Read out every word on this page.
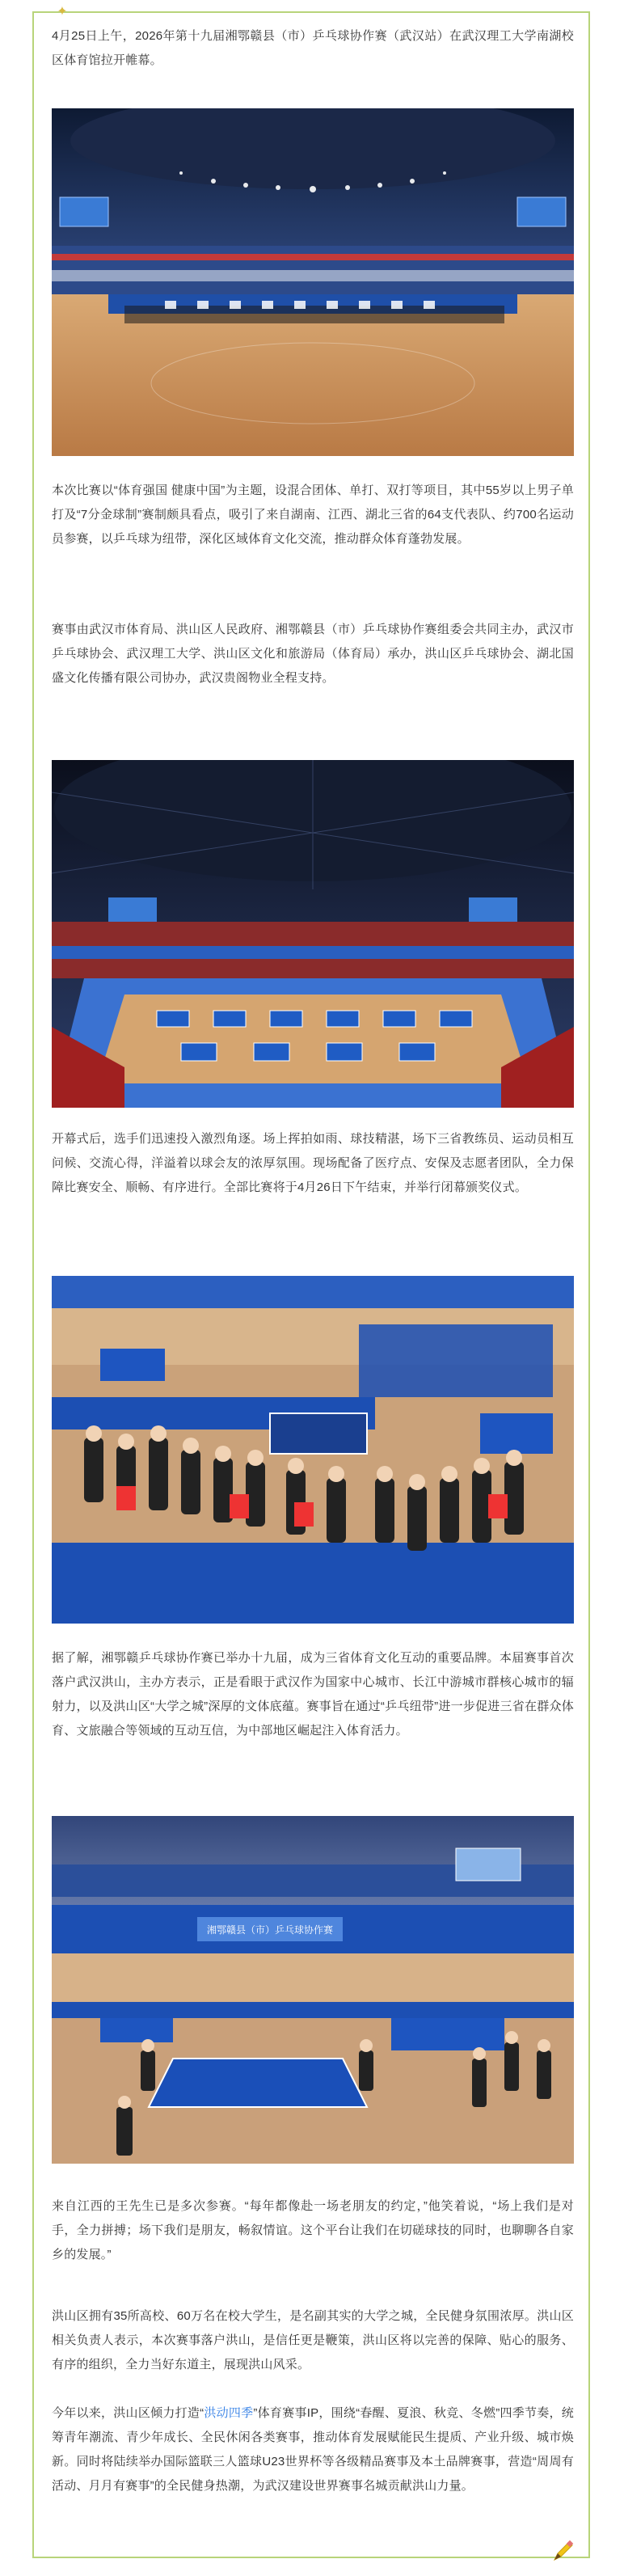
✦

4月25日上午，2026年第十九届湘鄂赣县（市）乒乓球协作赛（武汉站）在武汉理工大学南湖校区体育馆拉开帷幕。

本次比赛以“体育强国 健康中国”为主题，设混合团体、单打、双打等项目，其中55岁以上男子单打及“7分金球制”赛制颇具看点，吸引了来自湖南、江西、湖北三省的64支代表队、约700名运动员参赛，以乒乓球为纽带，深化区域体育文化交流，推动群众体育蓬勃发展。

赛事由武汉市体育局、洪山区人民政府、湘鄂赣县（市）乒乓球协作赛组委会共同主办，武汉市乒乓球协会、武汉理工大学、洪山区文化和旅游局（体育局）承办，洪山区乒乓球协会、湖北国盛文化传播有限公司协办，武汉贵阁物业全程支持。

开幕式后，选手们迅速投入激烈角逐。场上挥拍如雨、球技精湛，场下三省教练员、运动员相互问候、交流心得，洋溢着以球会友的浓厚氛围。现场配备了医疗点、安保及志愿者团队，全力保障比赛安全、顺畅、有序进行。全部比赛将于4月26日下午结束，并举行闭幕颁奖仪式。

据了解，湘鄂赣乒乓球协作赛已举办十九届，成为三省体育文化互动的重要品牌。本届赛事首次落户武汉洪山，主办方表示，正是看眼于武汉作为国家中心城市、长江中游城市群核心城市的辐射力，以及洪山区“大学之城”深厚的文体底蕴。赛事旨在通过“乒乓纽带”进一步促进三省在群众体育、文旅融合等领域的互动互信，为中部地区崛起注入体育活力。

湘鄂赣县（市）乒乓球协作赛

来自江西的王先生已是多次参赛。“每年都像赴一场老朋友的约定，”他笑着说，“场上我们是对手，全力拼搏；场下我们是朋友，畅叙情谊。这个平台让我们在切磋球技的同时，也聊聊各自家乡的发展。”

洪山区拥有35所高校、60万名在校大学生，是名副其实的大学之城，全民健身氛围浓厚。洪山区相关负责人表示，本次赛事落户洪山，是信任更是鞭策，洪山区将以完善的保障、贴心的服务、有序的组织，全力当好东道主，展现洪山风采。

今年以来，洪山区倾力打造“洪动四季”体育赛事IP，围绕“春醒、夏浪、秋竞、冬燃”四季节奏，统筹青年潮流、青少年成长、全民休闲各类赛事，推动体育发展赋能民生提质、产业升级、城市焕新。同时将陆续举办国际篮联三人篮球U23世界杯等各级精品赛事及本土品牌赛事，营造“周周有活动、月月有赛事”的全民健身热潮，为武汉建设世界赛事名城贡献洪山力量。
